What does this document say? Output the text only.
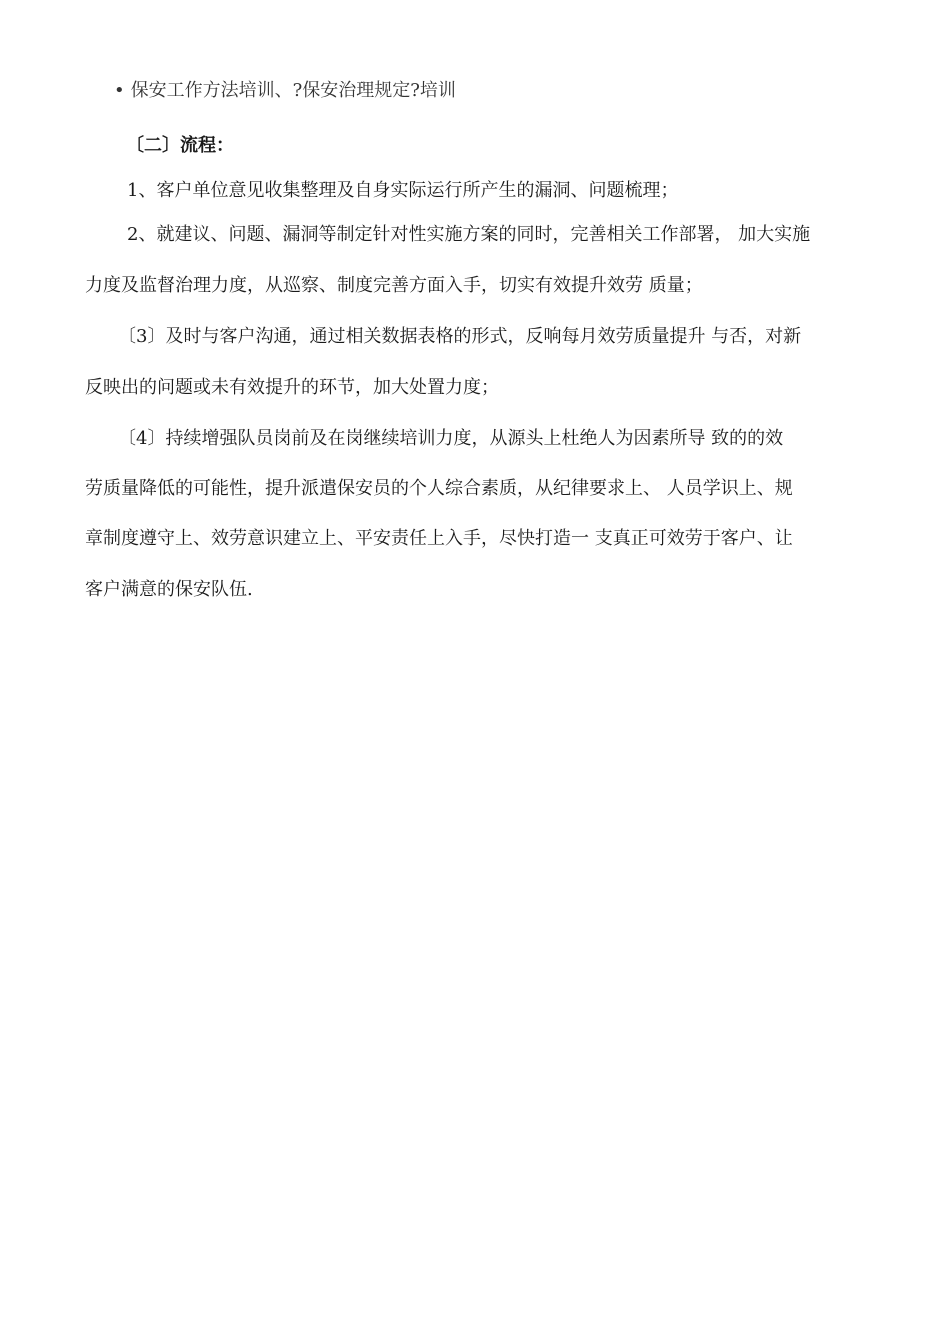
• 保安工作方法培训、?保安治理规定?培训
〔二〕流程：
1、客户单位意见收集整理及自身实际运行所产生的漏洞、问题梳理；
2、就建议、问题、漏洞等制定针对性实施方案的同时，完善相关工作部署， 加大实施
力度及监督治理力度，从巡察、制度完善方面入手，切实有效提升效劳 质量；
〔3〕及时与客户沟通，通过相关数据表格的形式，反响每月效劳质量提升 与否，对新
反映出的问题或未有效提升的环节，加大处置力度；
〔4〕持续增强队员岗前及在岗继续培训力度，从源头上杜绝人为因素所导 致的的效
劳质量降低的可能性，提升派遣保安员的个人综合素质，从纪律要求上、 人员学识上、规
章制度遵守上、效劳意识建立上、平安责任上入手，尽快打造一 支真正可效劳于客户、让
客户满意的保安队伍.
